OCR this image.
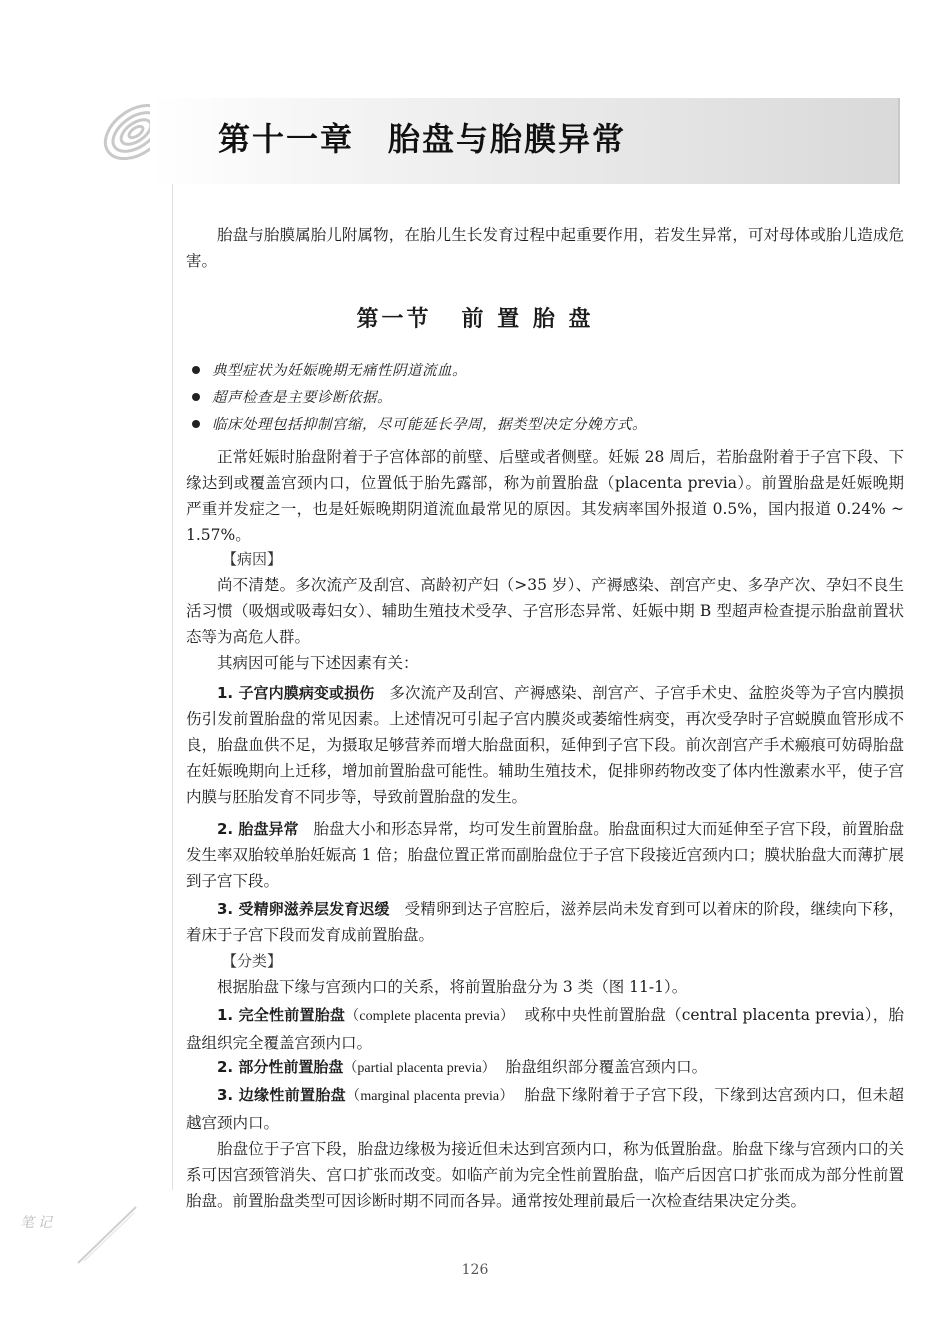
第十一章 胎盘与胎膜异常

胎盘与胎膜属胎儿附属物，在胎儿生长发育过程中起重要作用，若发生异常，可对母体或胎儿造成危害。

第一节 前 置 胎 盘
典型症状为妊娠晚期无痛性阴道流血。
超声检查是主要诊断依据。
临床处理包括抑制宫缩，尽可能延长孕周，据类型决定分娩方式。

正常妊娠时胎盘附着于子宫体部的前壁、后壁或者侧壁。妊娠 28 周后，若胎盘附着于子宫下段、下缘达到或覆盖宫颈内口，位置低于胎先露部，称为前置胎盘（placenta previa）。前置胎盘是妊娠晚期严重并发症之一，也是妊娠晚期阴道流血最常见的原因。其发病率国外报道 0.5%，国内报道 0.24% ~ 1.57%。

【病因】

尚不清楚。多次流产及刮宫、高龄初产妇（>35 岁）、产褥感染、剖宫产史、多孕产次、孕妇不良生活习惯（吸烟或吸毒妇女）、辅助生殖技术受孕、子宫形态异常、妊娠中期 B 型超声检查提示胎盘前置状态等为高危人群。

其病因可能与下述因素有关：

1. 子宫内膜病变或损伤 多次流产及刮宫、产褥感染、剖宫产、子宫手术史、盆腔炎等为子宫内膜损伤引发前置胎盘的常见因素。上述情况可引起子宫内膜炎或萎缩性病变，再次受孕时子宫蜕膜血管形成不良，胎盘血供不足，为摄取足够营养而增大胎盘面积，延伸到子宫下段。前次剖宫产手术瘢痕可妨碍胎盘在妊娠晚期向上迁移，增加前置胎盘可能性。辅助生殖技术，促排卵药物改变了体内性激素水平，使子宫内膜与胚胎发育不同步等，导致前置胎盘的发生。

2. 胎盘异常 胎盘大小和形态异常，均可发生前置胎盘。胎盘面积过大而延伸至子宫下段，前置胎盘发生率双胎较单胎妊娠高 1 倍；胎盘位置正常而副胎盘位于子宫下段接近宫颈内口；膜状胎盘大而薄扩展到子宫下段。

3. 受精卵滋养层发育迟缓 受精卵到达子宫腔后，滋养层尚未发育到可以着床的阶段，继续向下移，着床于子宫下段而发育成前置胎盘。

【分类】

根据胎盘下缘与宫颈内口的关系，将前置胎盘分为 3 类（图 11-1）。

1. 完全性前置胎盘（complete placenta previa） 或称中央性前置胎盘（central placenta previa），胎盘组织完全覆盖宫颈内口。

2. 部分性前置胎盘（partial placenta previa） 胎盘组织部分覆盖宫颈内口。

3. 边缘性前置胎盘（marginal placenta previa） 胎盘下缘附着于子宫下段，下缘到达宫颈内口，但未超越宫颈内口。

胎盘位于子宫下段，胎盘边缘极为接近但未达到宫颈内口，称为低置胎盘。胎盘下缘与宫颈内口的关系可因宫颈管消失、宫口扩张而改变。如临产前为完全性前置胎盘，临产后因宫口扩张而成为部分性前置胎盘。前置胎盘类型可因诊断时期不同而各异。通常按处理前最后一次检查结果决定分类。

笔记
126
